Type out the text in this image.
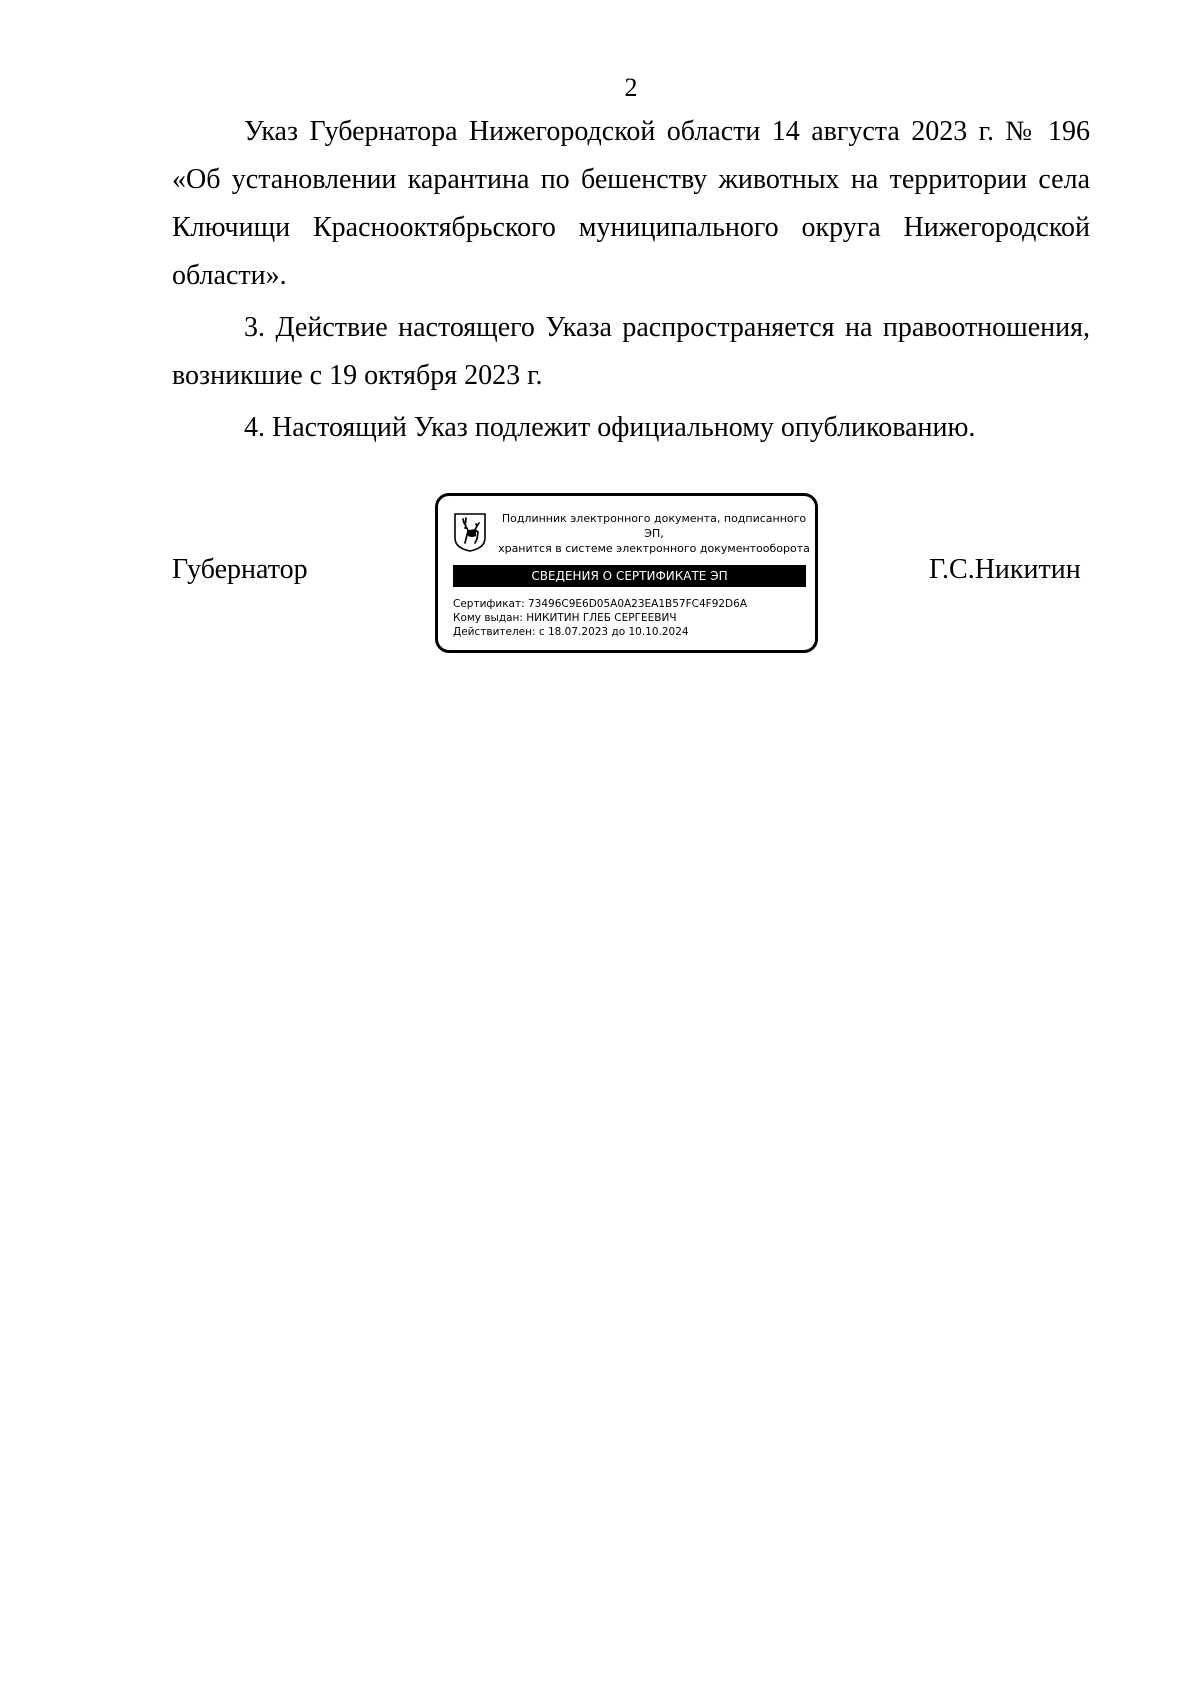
2

Указ Губернатора Нижегородской области 14 августа 2023 г. № 196 «Об установлении карантина по бешенству животных на территории села Ключищи Краснооктябрьского муниципального округа Нижегородской области».

3. Действие настоящего Указа распространяется на правоотношения, возникшие с 19 октября 2023 г.

4. Настоящий Указ подлежит официальному опубликованию.

Губернатор	Г.С.Никитин
Подлинник электронного документа, подписанного ЭП,
хранится в системе электронного документооборота
СВЕДЕНИЯ О СЕРТИФИКАТЕ ЭП
Сертификат: 73496C9E6D05A0A23EA1B57FC4F92D6A
Кому выдан: НИКИТИН ГЛЕБ СЕРГЕЕВИЧ
Действителен: с 18.07.2023 до 10.10.2024
